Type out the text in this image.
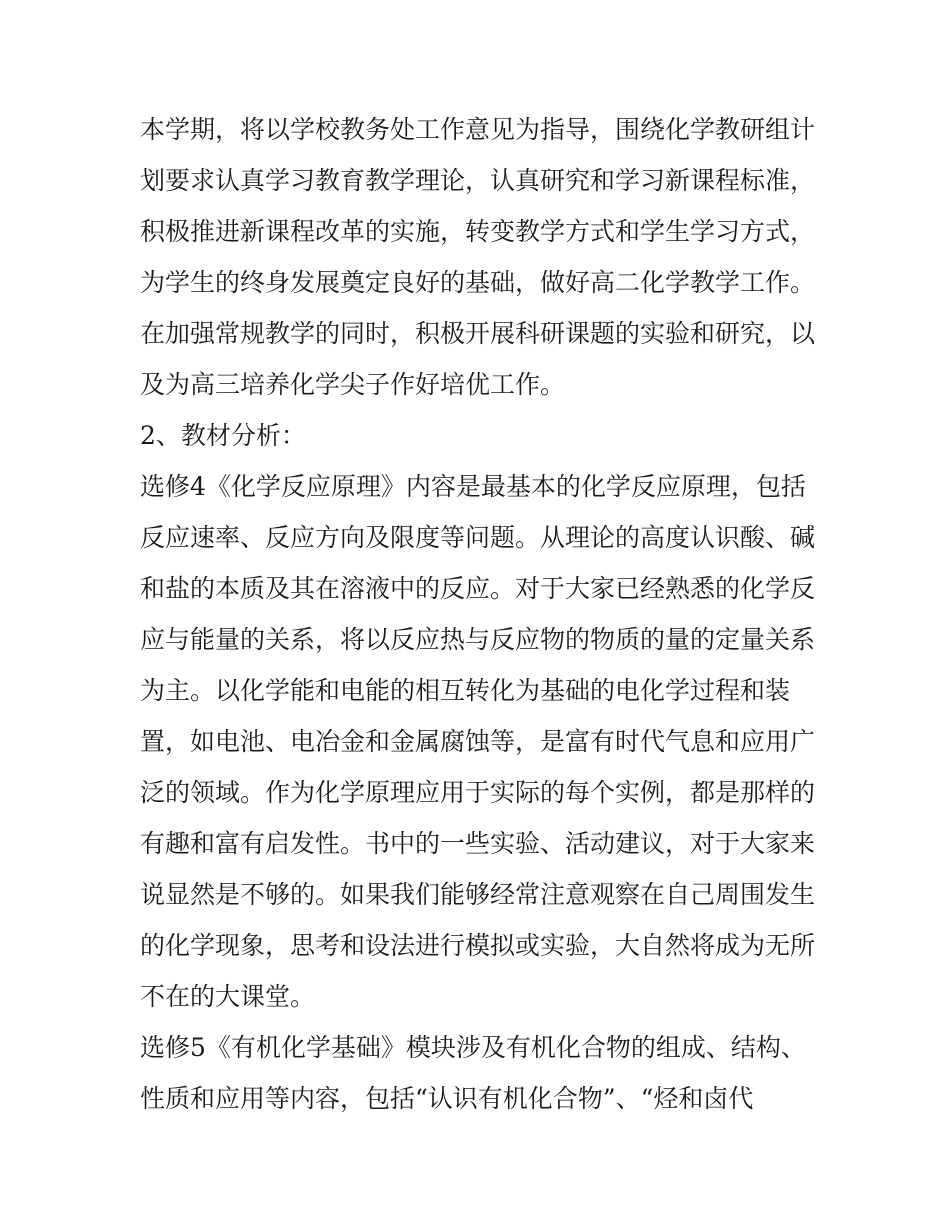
本学期，将以学校教务处工作意见为指导，围绕化学教研组计
划要求认真学习教育教学理论，认真研究和学习新课程标准，
积极推进新课程改革的实施，转变教学方式和学生学习方式，
为学生的终身发展奠定良好的基础，做好高二化学教学工作。
在加强常规教学的同时，积极开展科研课题的实验和研究，以
及为高三培养化学尖子作好培优工作。
2、教材分析：
选修4《化学反应原理》内容是最基本的化学反应原理，包括
反应速率、反应方向及限度等问题。从理论的高度认识酸、碱
和盐的本质及其在溶液中的反应。对于大家已经熟悉的化学反
应与能量的关系，将以反应热与反应物的物质的量的定量关系
为主。以化学能和电能的相互转化为基础的电化学过程和装
置，如电池、电冶金和金属腐蚀等，是富有时代气息和应用广
泛的领域。作为化学原理应用于实际的每个实例，都是那样的
有趣和富有启发性。书中的一些实验、活动建议，对于大家来
说显然是不够的。如果我们能够经常注意观察在自己周围发生
的化学现象，思考和设法进行模拟或实验，大自然将成为无所
不在的大课堂。
选修5《有机化学基础》模块涉及有机化合物的组成、结构、
性质和应用等内容，包括“认识有机化合物”、“烃和卤代
